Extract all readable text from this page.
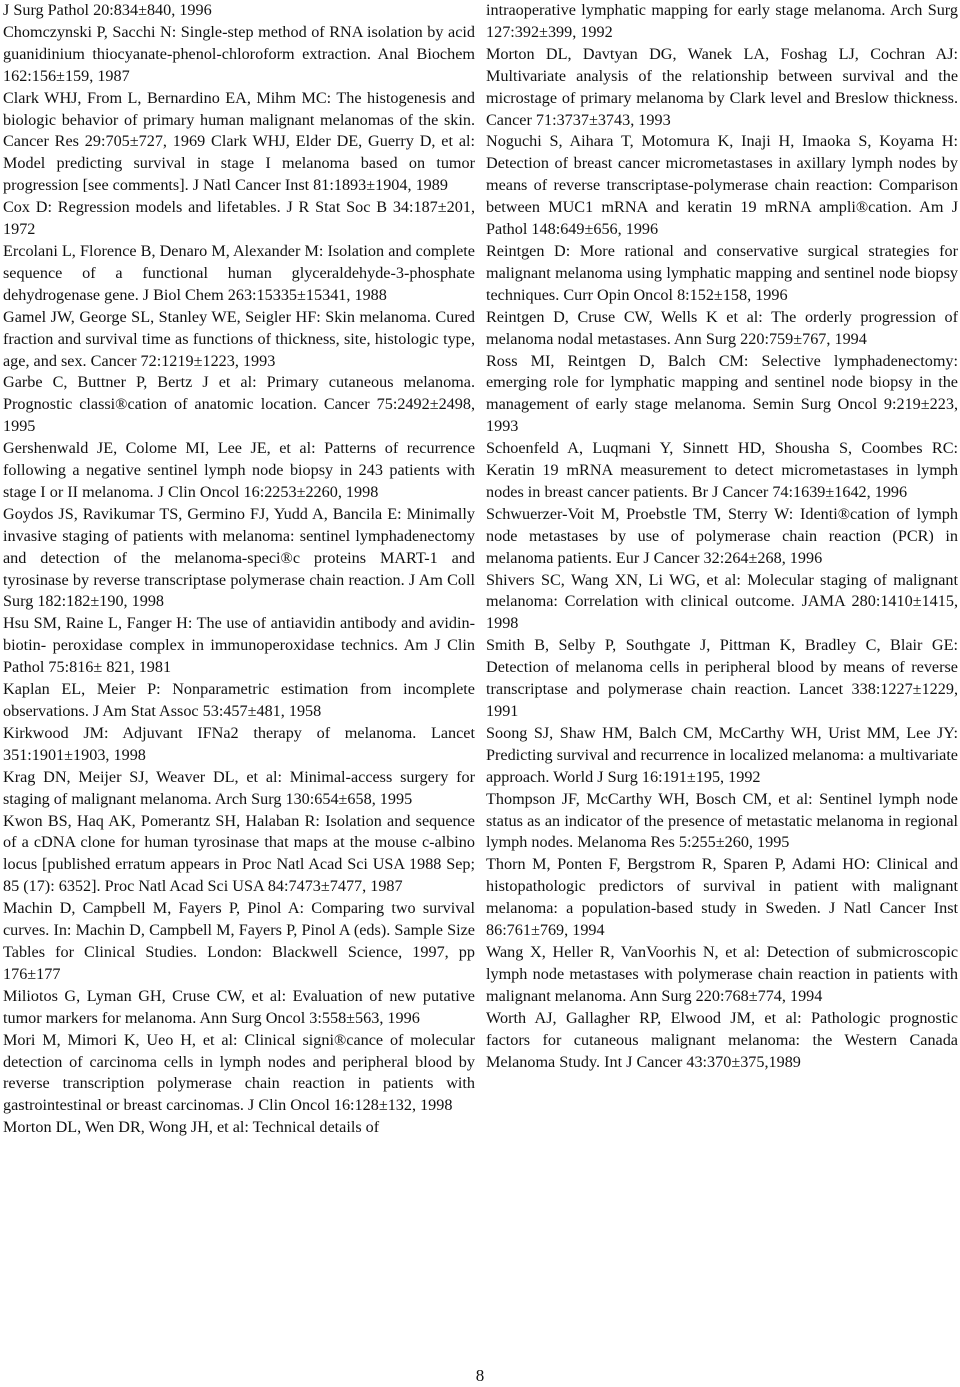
J Surg Pathol 20:834±840, 1996

Chomczynski P, Sacchi N: Single-step method of RNA isolation by acid guanidinium thiocyanate-phenol-chloroform extraction. Anal Biochem 162:156±159, 1987

Clark WHJ, From L, Bernardino EA, Mihm MC: The histogenesis and biologic behavior of primary human malignant melanomas of the skin. Cancer Res 29:705±727, 1969 Clark WHJ, Elder DE, Guerry D, et al: Model predicting survival in stage I melanoma based on tumor progression [see comments]. J Natl Cancer Inst 81:1893±1904, 1989

Cox D: Regression models and lifetables. J R Stat Soc B 34:187±201, 1972

Ercolani L, Florence B, Denaro M, Alexander M: Isolation and complete sequence of a functional human glyceraldehyde-3-phosphate dehydrogenase gene. J Biol Chem 263:15335±15341, 1988

Gamel JW, George SL, Stanley WE, Seigler HF: Skin melanoma. Cured fraction and survival time as functions of thickness, site, histologic type, age, and sex. Cancer 72:1219±1223, 1993

Garbe C, Buttner P, Bertz J et al: Primary cutaneous melanoma. Prognostic classi®cation of anatomic location. Cancer 75:2492±2498, 1995

Gershenwald JE, Colome MI, Lee JE, et al: Patterns of recurrence following a negative sentinel lymph node biopsy in 243 patients with stage I or II melanoma. J Clin Oncol 16:2253±2260, 1998

Goydos JS, Ravikumar TS, Germino FJ, Yudd A, Bancila E: Minimally invasive staging of patients with melanoma: sentinel lymphadenectomy and detection of the melanoma-speci®c proteins MART-1 and tyrosinase by reverse transcriptase polymerase chain reaction. J Am Coll Surg 182:182±190, 1998

Hsu SM, Raine L, Fanger H: The use of antiavidin antibody and avidin-biotin- peroxidase complex in immunoperoxidase technics. Am J Clin Pathol 75:816± 821, 1981

Kaplan EL, Meier P: Nonparametric estimation from incomplete observations. J Am Stat Assoc 53:457±481, 1958

Kirkwood JM: Adjuvant IFNa2 therapy of melanoma. Lancet 351:1901±1903, 1998

Krag DN, Meijer SJ, Weaver DL, et al: Minimal-access surgery for staging of malignant melanoma. Arch Surg 130:654±658, 1995

Kwon BS, Haq AK, Pomerantz SH, Halaban R: Isolation and sequence of a cDNA clone for human tyrosinase that maps at the mouse c-albino locus [published erratum appears in Proc Natl Acad Sci USA 1988 Sep; 85 (17): 6352]. Proc Natl Acad Sci USA 84:7473±7477, 1987

Machin D, Campbell M, Fayers P, Pinol A: Comparing two survival curves. In: Machin D, Campbell M, Fayers P, Pinol A (eds). Sample Size Tables for Clinical Studies. London: Blackwell Science, 1997, pp 176±177

Miliotos G, Lyman GH, Cruse CW, et al: Evaluation of new putative tumor markers for melanoma. Ann Surg Oncol 3:558±563, 1996

Mori M, Mimori K, Ueo H, et al: Clinical signi®cance of molecular detection of carcinoma cells in lymph nodes and peripheral blood by reverse transcription polymerase chain reaction in patients with gastrointestinal or breast carcinomas. J Clin Oncol 16:128±132, 1998

Morton DL, Wen DR, Wong JH, et al: Technical details of

intraoperative lymphatic mapping for early stage melanoma. Arch Surg 127:392±399, 1992

Morton DL, Davtyan DG, Wanek LA, Foshag LJ, Cochran AJ: Multivariate analysis of the relationship between survival and the microstage of primary melanoma by Clark level and Breslow thickness. Cancer 71:3737±3743, 1993

Noguchi S, Aihara T, Motomura K, Inaji H, Imaoka S, Koyama H: Detection of breast cancer micrometastases in axillary lymph nodes by means of reverse transcriptase-polymerase chain reaction: Comparison between MUC1 mRNA and keratin 19 mRNA ampli®cation. Am J Pathol 148:649±656, 1996

Reintgen D: More rational and conservative surgical strategies for malignant melanoma using lymphatic mapping and sentinel node biopsy techniques. Curr Opin Oncol 8:152±158, 1996

Reintgen D, Cruse CW, Wells K et al: The orderly progression of melanoma nodal metastases. Ann Surg 220:759±767, 1994

Ross MI, Reintgen D, Balch CM: Selective lymphadenectomy: emerging role for lymphatic mapping and sentinel node biopsy in the management of early stage melanoma. Semin Surg Oncol 9:219±223, 1993

Schoenfeld A, Luqmani Y, Sinnett HD, Shousha S, Coombes RC: Keratin 19 mRNA measurement to detect micrometastases in lymph nodes in breast cancer patients. Br J Cancer 74:1639±1642, 1996

Schwuerzer-Voit M, Proebstle TM, Sterry W: Identi®cation of lymph node metastases by use of polymerase chain reaction (PCR) in melanoma patients. Eur J Cancer 32:264±268, 1996

Shivers SC, Wang XN, Li WG, et al: Molecular staging of malignant melanoma: Correlation with clinical outcome. JAMA 280:1410±1415, 1998

Smith B, Selby P, Southgate J, Pittman K, Bradley C, Blair GE: Detection of melanoma cells in peripheral blood by means of reverse transcriptase and polymerase chain reaction. Lancet 338:1227±1229, 1991

Soong SJ, Shaw HM, Balch CM, McCarthy WH, Urist MM, Lee JY: Predicting survival and recurrence in localized melanoma: a multivariate approach. World J Surg 16:191±195, 1992

Thompson JF, McCarthy WH, Bosch CM, et al: Sentinel lymph node status as an indicator of the presence of metastatic melanoma in regional lymph nodes. Melanoma Res 5:255±260, 1995

Thorn M, Ponten F, Bergstrom R, Sparen P, Adami HO: Clinical and histopathologic predictors of survival in patient with malignant melanoma: a population-based study in Sweden. J Natl Cancer Inst 86:761±769, 1994

Wang X, Heller R, VanVoorhis N, et al: Detection of submicroscopic lymph node metastases with polymerase chain reaction in patients with malignant melanoma. Ann Surg 220:768±774, 1994

Worth AJ, Gallagher RP, Elwood JM, et al: Pathologic prognostic factors for cutaneous malignant melanoma: the Western Canada Melanoma Study. Int J Cancer 43:370±375,1989

8
